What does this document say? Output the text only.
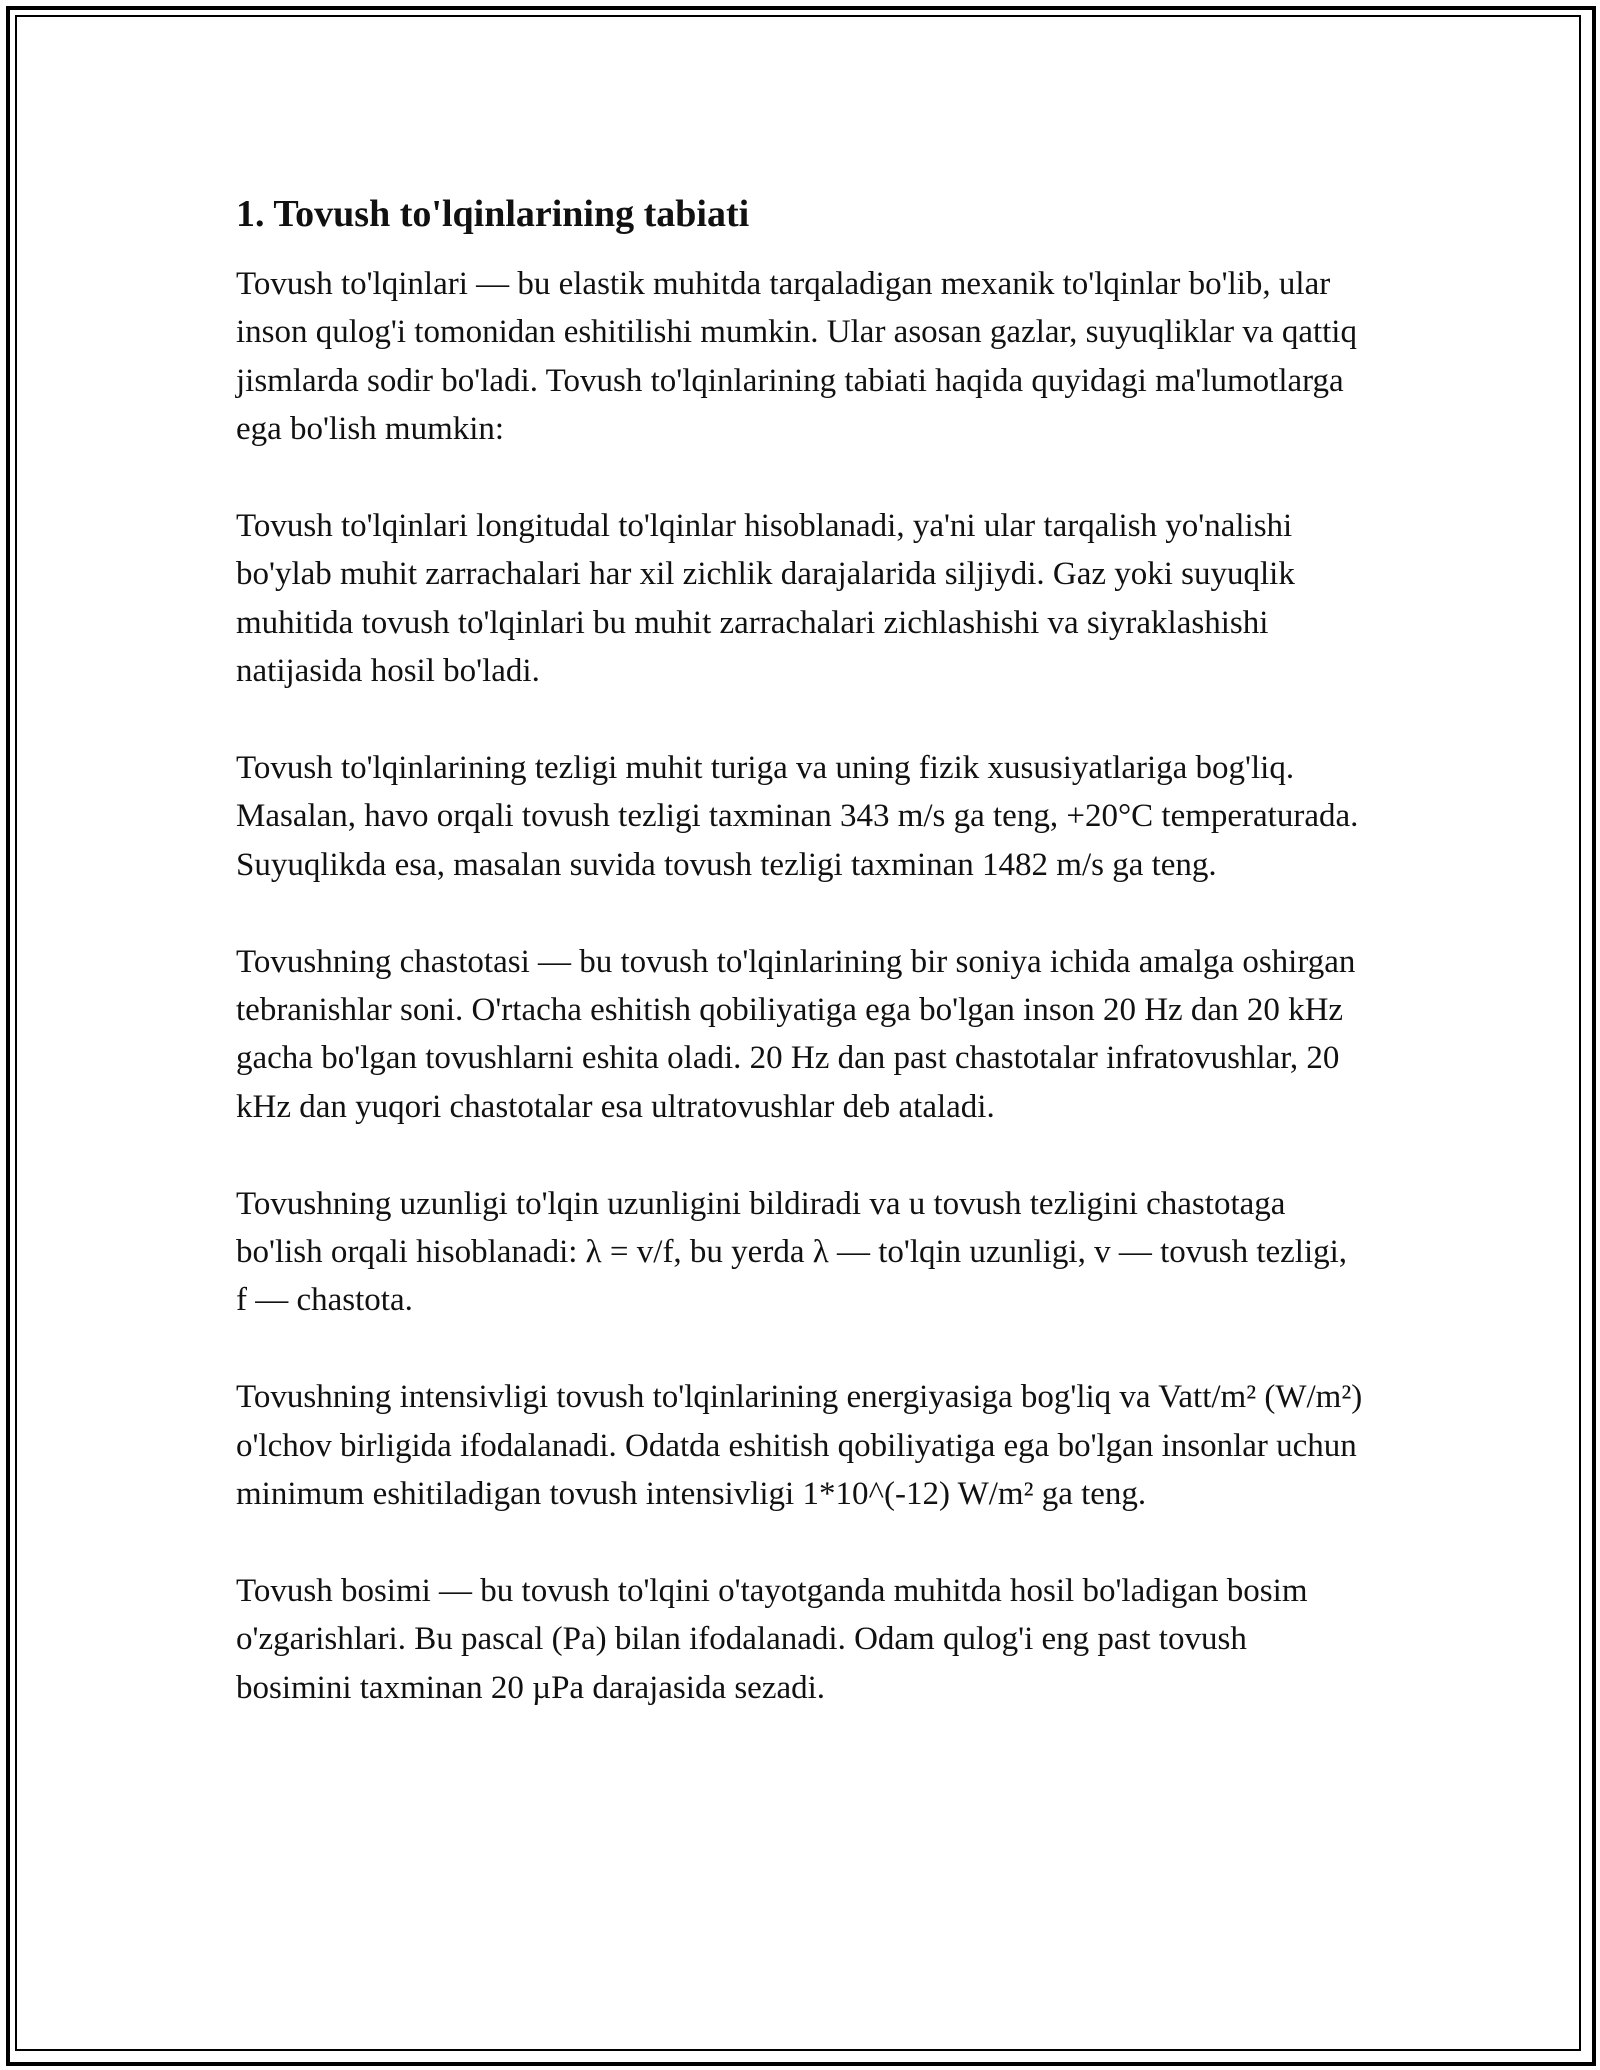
1. Tovush to'lqinlarining tabiati

Tovush to'lqinlari — bu elastik muhitda tarqaladigan mexanik to'lqinlar bo'lib, ular inson qulog'i tomonidan eshitilishi mumkin. Ular asosan gazlar, suyuqliklar va qattiq jismlarda sodir bo'ladi. Tovush to'lqinlarining tabiati haqida quyidagi ma'lumotlarga ega bo'lish mumkin:

Tovush to'lqinlari longitudal to'lqinlar hisoblanadi, ya'ni ular tarqalish yo'nalishi bo'ylab muhit zarrachalari har xil zichlik darajalarida siljiydi. Gaz yoki suyuqlik muhitida tovush to'lqinlari bu muhit zarrachalari zichlashishi va siyraklashishi natijasida hosil bo'ladi.

Tovush to'lqinlarining tezligi muhit turiga va uning fizik xususiyatlariga bog'liq. Masalan, havo orqali tovush tezligi taxminan 343 m/s ga teng, +20°C temperaturada. Suyuqlikda esa, masalan suvida tovush tezligi taxminan 1482 m/s ga teng.

Tovushning chastotasi — bu tovush to'lqinlarining bir soniya ichida amalga oshirgan tebranishlar soni. O'rtacha eshitish qobiliyatiga ega bo'lgan inson 20 Hz dan 20 kHz gacha bo'lgan tovushlarni eshita oladi. 20 Hz dan past chastotalar infratovushlar, 20 kHz dan yuqori chastotalar esa ultratovushlar deb ataladi.

Tovushning uzunligi to'lqin uzunligini bildiradi va u tovush tezligini chastotaga bo'lish orqali hisoblanadi: λ = v/f, bu yerda λ — to'lqin uzunligi, v — tovush tezligi, f — chastota.

Tovushning intensivligi tovush to'lqinlarining energiyasiga bog'liq va Vatt/m² (W/m²) o'lchov birligida ifodalanadi. Odatda eshitish qobiliyatiga ega bo'lgan insonlar uchun minimum eshitiladigan tovush intensivligi 1*10^(-12) W/m² ga teng.

Tovush bosimi — bu tovush to'lqini o'tayotganda muhitda hosil bo'ladigan bosim o'zgarishlari. Bu pascal (Pa) bilan ifodalanadi. Odam qulog'i eng past tovush bosimini taxminan 20 µPa darajasida sezadi.
